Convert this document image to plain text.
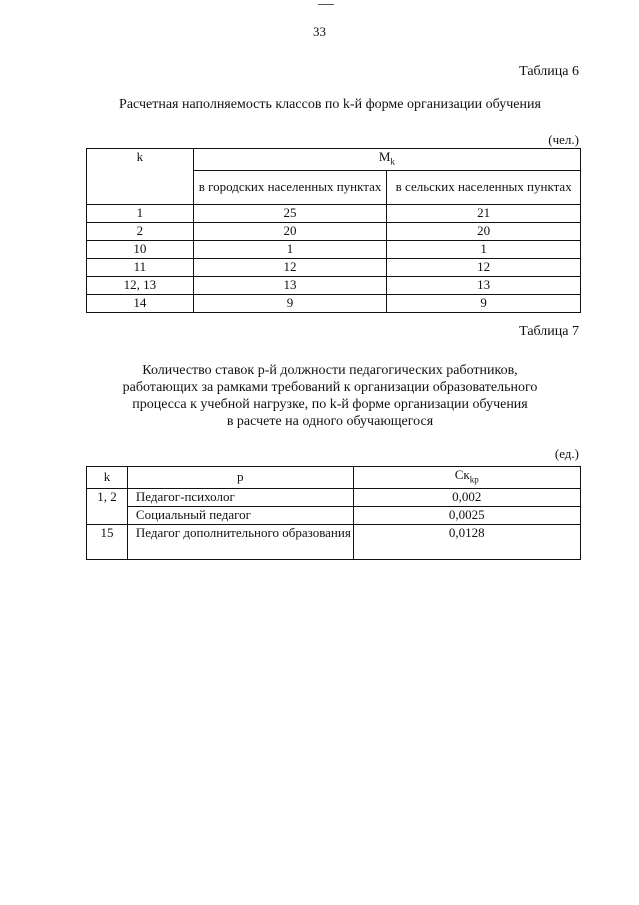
33
Таблица 6
Расчетная наполняемость классов по k-й форме организации обучения
(чел.)
k	$M_k$
	в городских населенных пунктах	в сельских населенных пунктах
1	25	21
2	20	20
10	1	1
11	12	12
12, 13	13	13
14	9	9
Таблица 7
Количество ставок р-й должности педагогических работников,
работающих за рамками требований к организации образовательного
процесса к учебной нагрузке, по k-й форме организации обучения
в расчете на одного обучающегося
(ед.)
k	p	$Ск_{kp}$
1, 2	Педагог-психолог	0,002
	Социальный педагог	0,0025
15	Педагог дополнительного образования	0,0128
